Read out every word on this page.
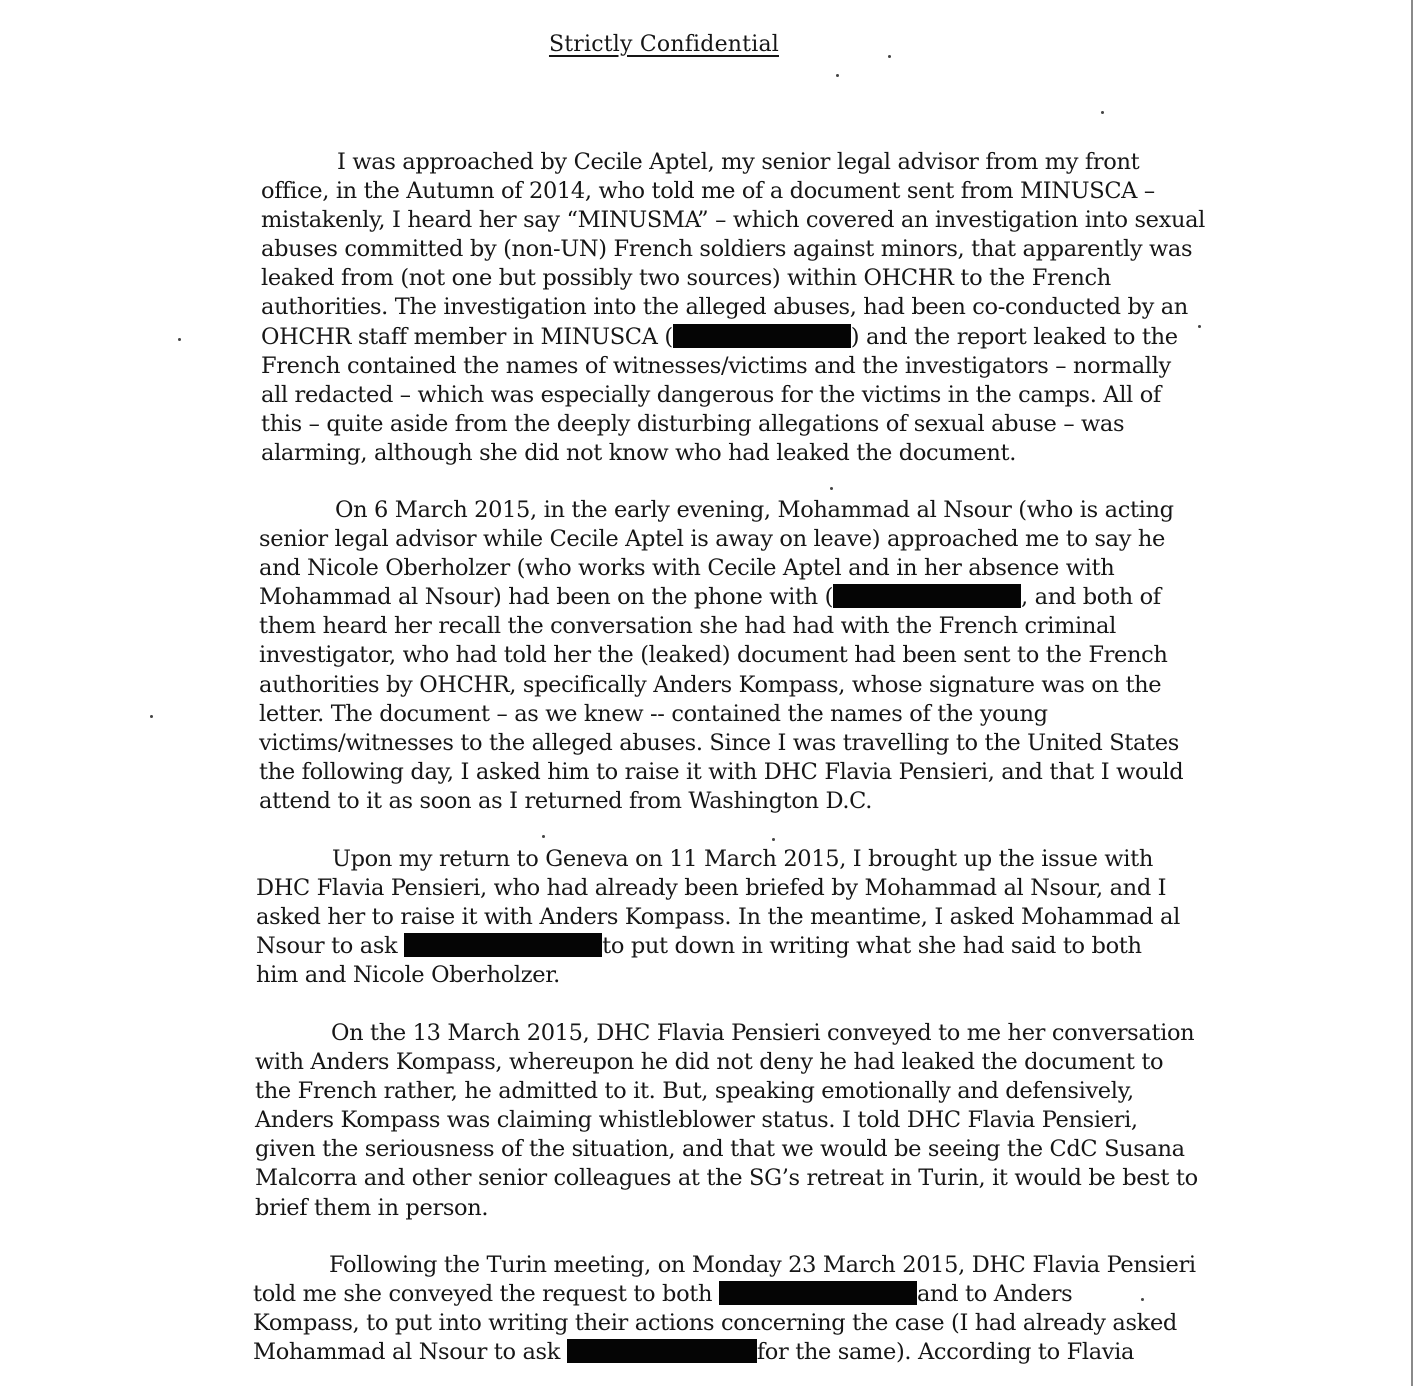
Strictly Confidential
I was approached by Cecile Aptel, my senior legal advisor from my front
office, in the Autumn of 2014, who told me of a document sent from MINUSCA –
mistakenly, I heard her say “MINUSMA” – which covered an investigation into sexual
abuses committed by (non-UN) French soldiers against minors, that apparently was
leaked from (not one but possibly two sources) within OHCHR to the French
authorities. The investigation into the alleged abuses, had been co-conducted by an
OHCHR staff member in MINUSCA (	) and the report leaked to the
French contained the names of witnesses/victims and the investigators – normally
all redacted – which was especially dangerous for the victims in the camps. All of
this – quite aside from the deeply disturbing allegations of sexual abuse – was
alarming, although she did not know who had leaked the document.
On 6 March 2015, in the early evening, Mohammad al Nsour (who is acting
senior legal advisor while Cecile Aptel is away on leave) approached me to say he
and Nicole Oberholzer (who works with Cecile Aptel and in her absence with
Mohammad al Nsour) had been on the phone with (	, and both of
them heard her recall the conversation she had had with the French criminal
investigator, who had told her the (leaked) document had been sent to the French
authorities by OHCHR, specifically Anders Kompass, whose signature was on the
letter. The document – as we knew -- contained the names of the young
victims/witnesses to the alleged abuses. Since I was travelling to the United States
the following day, I asked him to raise it with DHC Flavia Pensieri, and that I would
attend to it as soon as I returned from Washington D.C.
Upon my return to Geneva on 11 March 2015, I brought up the issue with
DHC Flavia Pensieri, who had already been briefed by Mohammad al Nsour, and I
asked her to raise it with Anders Kompass. In the meantime, I asked Mohammad al
Nsour to ask	to put down in writing what she had said to both
him and Nicole Oberholzer.
On the 13 March 2015, DHC Flavia Pensieri conveyed to me her conversation
with Anders Kompass, whereupon he did not deny he had leaked the document to
the French rather, he admitted to it. But, speaking emotionally and defensively,
Anders Kompass was claiming whistleblower status. I told DHC Flavia Pensieri,
given the seriousness of the situation, and that we would be seeing the CdC Susana
Malcorra and other senior colleagues at the SG’s retreat in Turin, it would be best to
brief them in person.
Following the Turin meeting, on Monday 23 March 2015, DHC Flavia Pensieri
told me she conveyed the request to both	and to Anders
Kompass, to put into writing their actions concerning the case (I had already asked
Mohammad al Nsour to ask	for the same). According to Flavia
